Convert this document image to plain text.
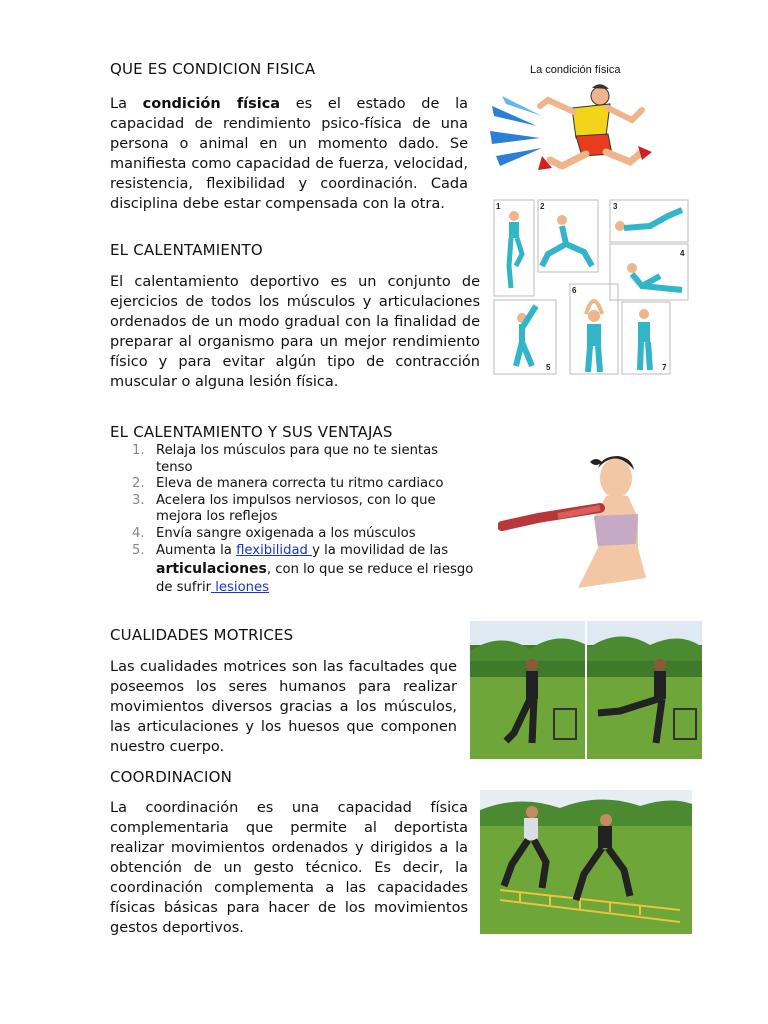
QUE ES CONDICION FISICA
La condición física es el estado de la capacidad de rendimiento psico-física de una persona o animal en un momento dado. Se manifiesta como capacidad de fuerza, velocidad, resistencia, flexibilidad y coordinación. Cada disciplina debe estar compensada con la otra.
La condición física
EL CALENTAMIENTO
El calentamiento deportivo es un conjunto de ejercicios de todos los músculos y articulaciones ordenados de un modo gradual con la finalidad de preparar al organismo para un mejor rendimiento físico y para evitar algún tipo de contracción muscular o alguna lesión física.
1	2	3
4
5
6
7
EL CALENTAMIENTO Y SUS VENTAJAS
1. Relaja los músculos para que no te sientas tenso
2. Eleva de manera correcta tu ritmo cardiaco
3. Acelera los impulsos nerviosos, con lo que mejora los reflejos
4. Envía sangre oxigenada a los músculos
5. Aumenta la flexibilidad y la movilidad de las articulaciones, con lo que se reduce el riesgo de sufrir lesiones
CUALIDADES MOTRICES
Las cualidades motrices son las facultades que poseemos los seres humanos para realizar movimientos diversos gracias a los músculos, las articulaciones y los huesos que componen nuestro cuerpo.
COORDINACION
La coordinación es una capacidad física complementaria que permite al deportista realizar movimientos ordenados y dirigidos a la obtención de un gesto técnico. Es decir, la coordinación complementa a las capacidades físicas básicas para hacer de los movimientos gestos deportivos.
